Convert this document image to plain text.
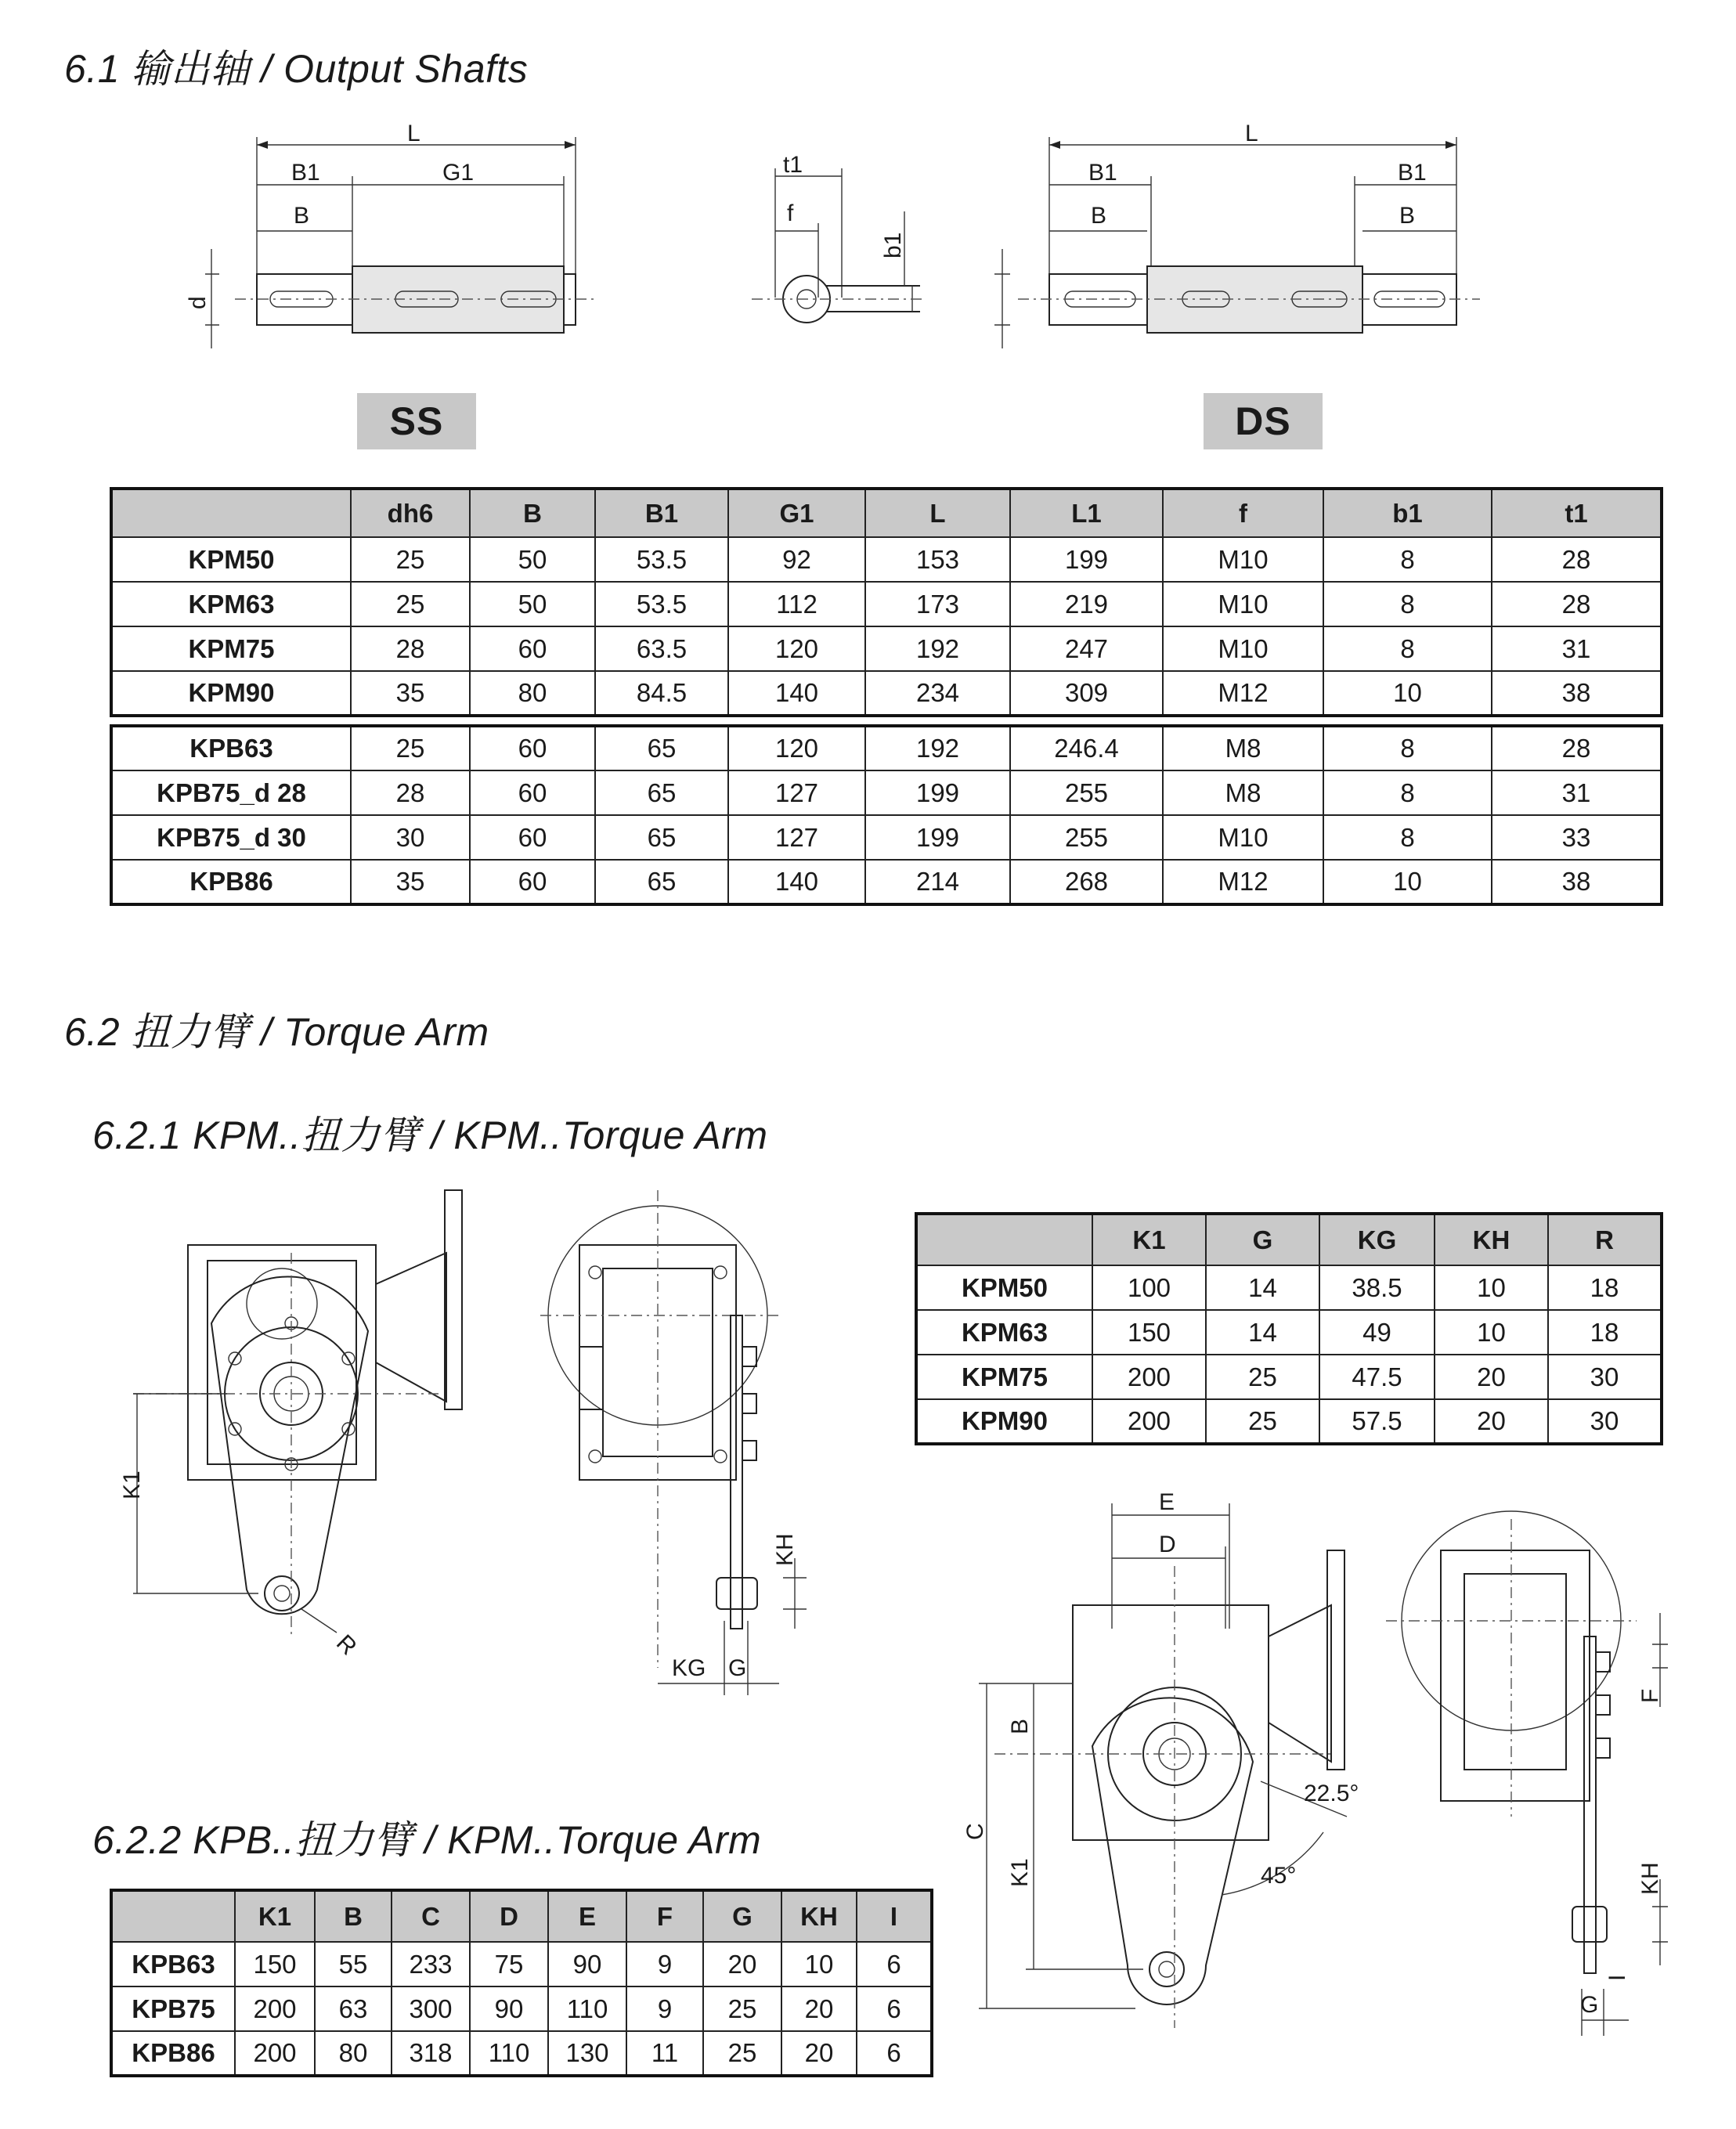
6.1 输出轴 / Output Shafts
6.2 扭力臂 / Torque Arm
6.2.1 KPM..扭力臂 / KPM..Torque Arm
6.2.2 KPB..扭力臂 / KPM..Torque Arm
L
B1	G1
B
d
t1
f
b1
L
B1	B1
B	B
SS	DS
	dh6	B	B1	G1	L	L1	f	b1	t1
KPM50	25	50	53.5	92	153	199	M10	8	28
KPM63	25	50	53.5	112	173	219	M10	8	28
KPM75	28	60	63.5	120	192	247	M10	8	31
KPM90	35	80	84.5	140	234	309	M12	10	38
KPB63	25	60	65	120	192	246.4	M8	8	28
KPB75_d 28	28	60	65	127	199	255	M8	8	31
KPB75_d 30	30	60	65	127	199	255	M10	8	33
KPB86	35	60	65	140	214	268	M12	10	38
K1
R
KH
KG G
	K1	G	KG	KH	R
KPM50	100	14	38.5	10	18
KPM63	150	14	49	10	18
KPM75	200	25	47.5	20	30
KPM90	200	25	57.5	20	30
E
D
C
B
K1
22.5°
45°
F
KH
I
G
	K1	B	C	D	E	F	G	KH	I
KPB63	150	55	233	75	90	9	20	10	6
KPB75	200	63	300	90	110	9	25	20	6
KPB86	200	80	318	110	130	11	25	20	6
